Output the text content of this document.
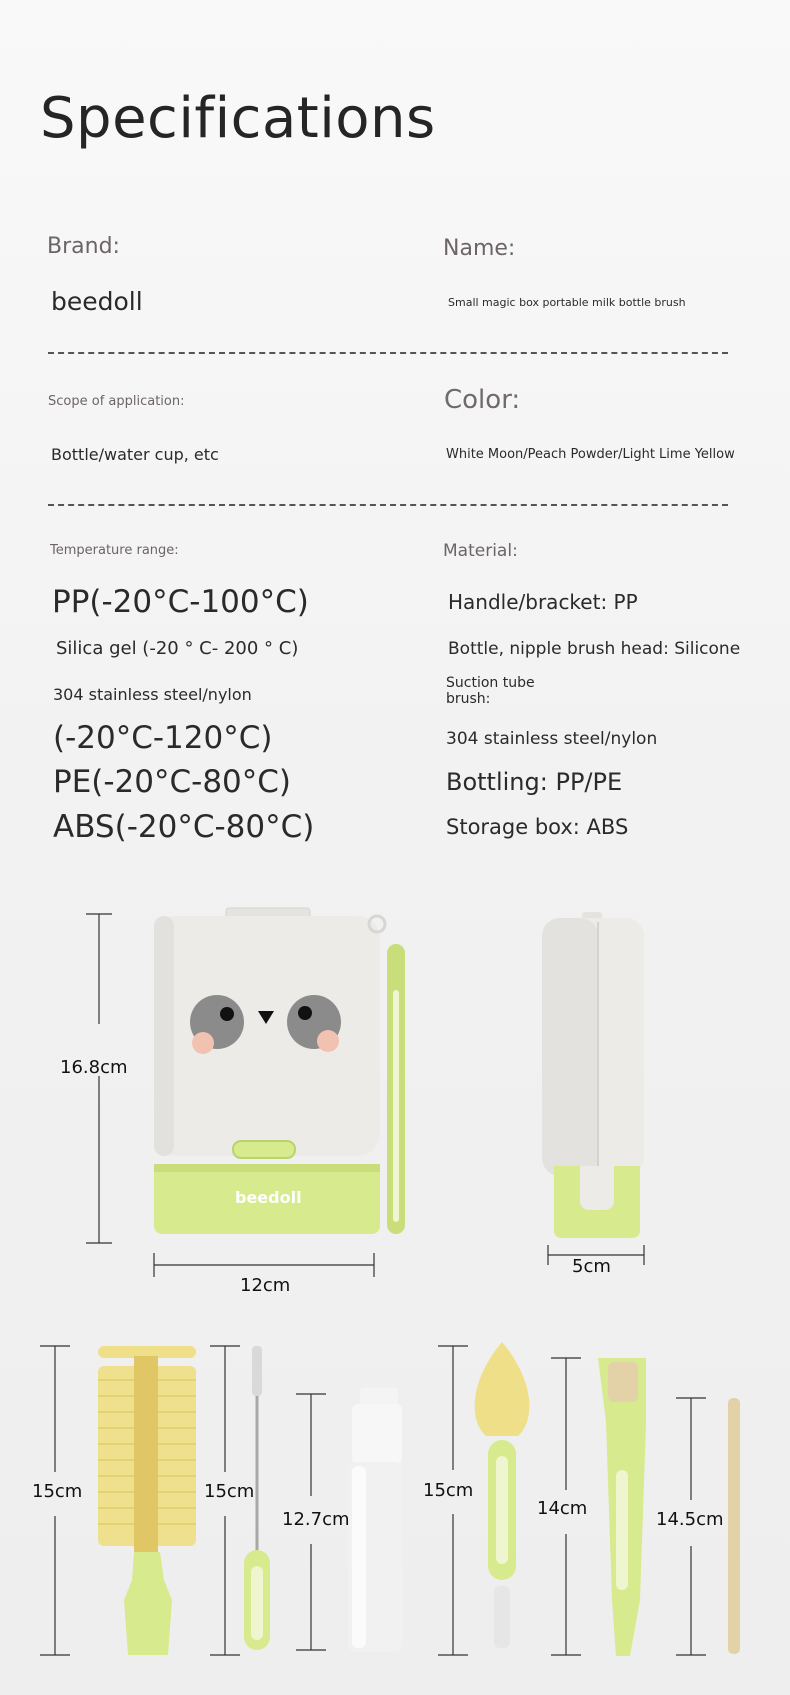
Specifications
Brand:
beedoll
Name:
Small magic box portable milk bottle brush
Scope of application:
Bottle/water cup, etc
Color:
White Moon/Peach Powder/Light Lime Yellow
Temperature range:	Material:
PP(-20°C-100°C)
Silica gel (-20 ° C- 200 ° C)
304 stainless steel/nylon
(-20°C-120°C)
PE(-20°C-80°C)
ABS(-20°C-80°C)
Handle/bracket: PP
Bottle, nipple brush head: Silicone
Suction tube
brush:
304 stainless steel/nylon
Bottling: PP/PE
Storage box: ABS
beedoll
16.8cm
12cm
5cm
15cm	15cm
12.7cm
15cm
14cm
14.5cm
